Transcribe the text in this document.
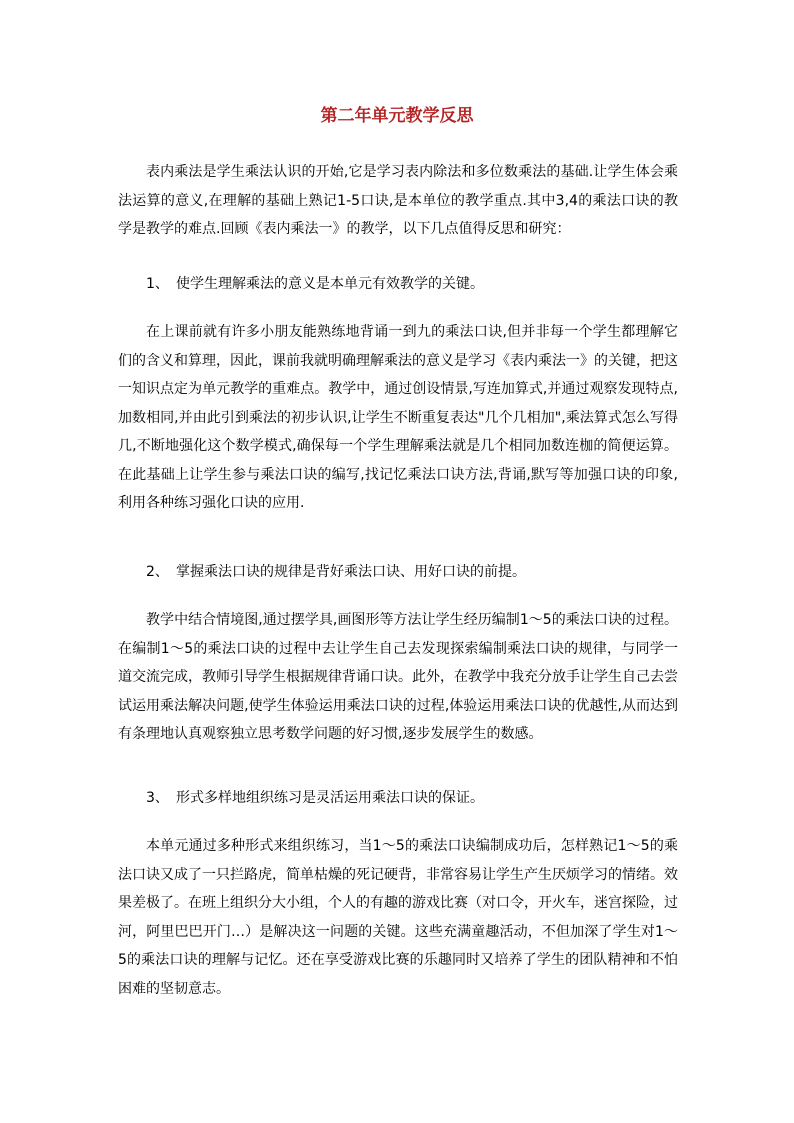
第二年单元教学反思

表内乘法是学生乘法认识的开始,它是学习表内除法和多位数乘法的基础.让学生体会乘法运算的意义,在理解的基础上熟记1-5口诀,是本单位的教学重点.其中3,4的乘法口诀的教学是教学的难点.回顾《表内乘法一》的教学，以下几点值得反思和研究：

1、 使学生理解乘法的意义是本单元有效教学的关键。

在上课前就有许多小朋友能熟练地背诵一到九的乘法口诀,但并非每一个学生都理解它们的含义和算理，因此，课前我就明确理解乘法的意义是学习《表内乘法一》的关键，把这一知识点定为单元教学的重难点。教学中，通过创设情景,写连加算式,并通过观察发现特点,加数相同,并由此引到乘法的初步认识,让学生不断重复表达"几个几相加",乘法算式怎么写得几,不断地强化这个数学模式,确保每一个学生理解乘法就是几个相同加数连枷的简便运算。在此基础上让学生参与乘法口诀的编写,找记忆乘法口诀方法,背诵,默写等加强口诀的印象,利用各种练习强化口诀的应用.

2、 掌握乘法口诀的规律是背好乘法口诀、用好口诀的前提。

教学中结合情境图,通过摆学具,画图形等方法让学生经历编制1～5的乘法口诀的过程。在编制1～5的乘法口诀的过程中去让学生自己去发现探索编制乘法口诀的规律，与同学一道交流完成，教师引导学生根据规律背诵口诀。此外，在教学中我充分放手让学生自己去尝试运用乘法解决问题,使学生体验运用乘法口诀的过程,体验运用乘法口诀的优越性,从而达到有条理地认真观察独立思考数学问题的好习惯,逐步发展学生的数感。

3、 形式多样地组织练习是灵活运用乘法口诀的保证。

本单元通过多种形式来组织练习，当1～5的乘法口诀编制成功后，怎样熟记1～5的乘法口诀又成了一只拦路虎，简单枯燥的死记硬背，非常容易让学生产生厌烦学习的情绪。效果差极了。在班上组织分大小组，个人的有趣的游戏比赛（对口令，开火车，迷宫探险，过河，阿里巴巴开门…）是解决这一问题的关键。这些充满童趣活动，不但加深了学生对1～5的乘法口诀的理解与记忆。还在享受游戏比赛的乐趣同时又培养了学生的团队精神和不怕困难的坚韧意志。
